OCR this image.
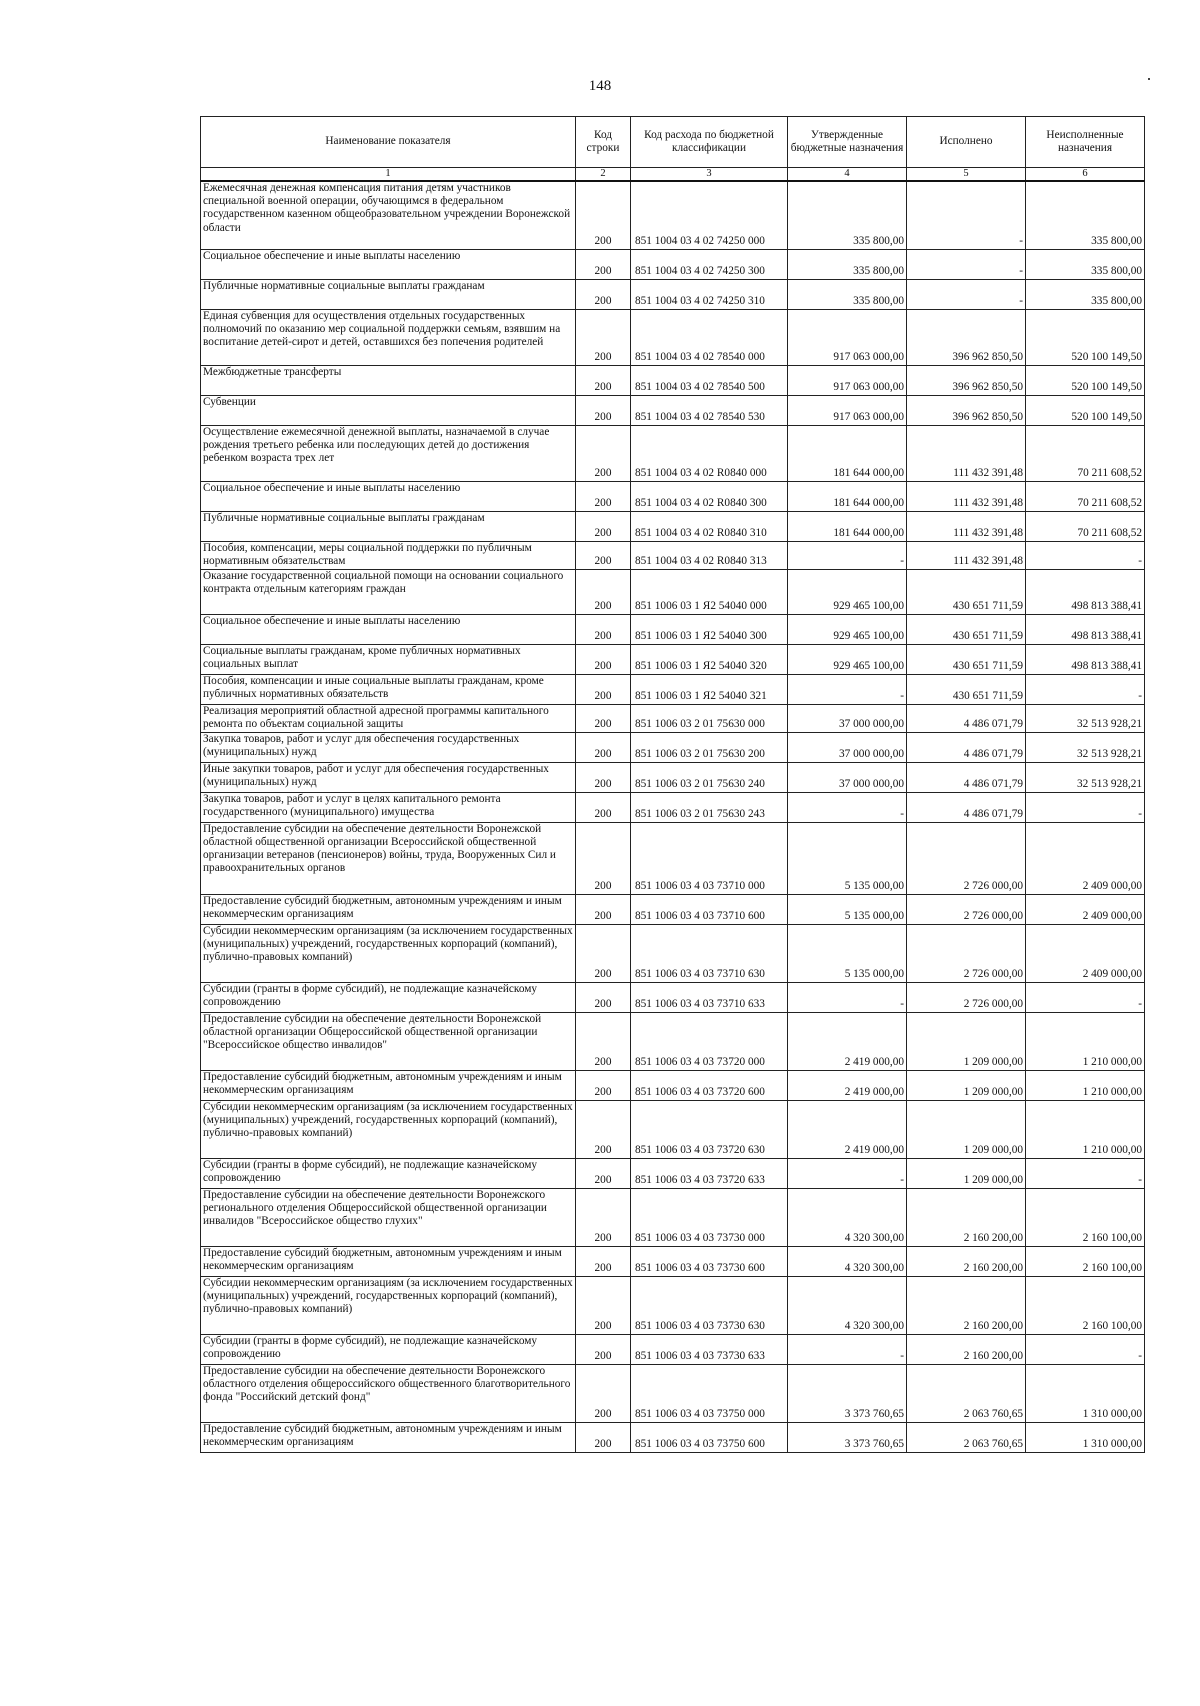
148
Наименование показателя	Код строки	Код расхода по бюджетной классификации	Утвержденные бюджетные назначения	Исполнено	Неисполненные назначения
1	2	3	4	5	6
Ежемесячная денежная компенсация питания детям участников специальной военной операции, обучающимся в федеральном государственном казенном общеобразовательном учреждении Воронежской области	200	851 1004 03 4 02 74250 000	335 800,00	-	335 800,00
Социальное обеспечение и иные выплаты населению	200	851 1004 03 4 02 74250 300	335 800,00	-	335 800,00
Публичные нормативные социальные выплаты гражданам	200	851 1004 03 4 02 74250 310	335 800,00	-	335 800,00
Единая субвенция для осуществления отдельных государственных полномочий по оказанию мер социальной поддержки семьям, взявшим на воспитание детей-сирот и детей, оставшихся без попечения родителей	200	851 1004 03 4 02 78540 000	917 063 000,00	396 962 850,50	520 100 149,50
Межбюджетные трансферты	200	851 1004 03 4 02 78540 500	917 063 000,00	396 962 850,50	520 100 149,50
Субвенции	200	851 1004 03 4 02 78540 530	917 063 000,00	396 962 850,50	520 100 149,50
Осуществление ежемесячной денежной выплаты, назначаемой в случае рождения третьего ребенка или последующих детей до достижения ребенком возраста трех лет	200	851 1004 03 4 02 R0840 000	181 644 000,00	111 432 391,48	70 211 608,52
Социальное обеспечение и иные выплаты населению	200	851 1004 03 4 02 R0840 300	181 644 000,00	111 432 391,48	70 211 608,52
Публичные нормативные социальные выплаты гражданам	200	851 1004 03 4 02 R0840 310	181 644 000,00	111 432 391,48	70 211 608,52
Пособия, компенсации, меры социальной поддержки по публичным нормативным обязательствам	200	851 1004 03 4 02 R0840 313	-	111 432 391,48	-
Оказание государственной социальной помощи на основании социального контракта отдельным категориям граждан	200	851 1006 03 1 Я2 54040 000	929 465 100,00	430 651 711,59	498 813 388,41
Социальное обеспечение и иные выплаты населению	200	851 1006 03 1 Я2 54040 300	929 465 100,00	430 651 711,59	498 813 388,41
Социальные выплаты гражданам, кроме публичных нормативных социальных выплат	200	851 1006 03 1 Я2 54040 320	929 465 100,00	430 651 711,59	498 813 388,41
Пособия, компенсации и иные социальные выплаты гражданам, кроме публичных нормативных обязательств	200	851 1006 03 1 Я2 54040 321	-	430 651 711,59	-
Реализация мероприятий областной адресной программы капитального ремонта по объектам социальной защиты	200	851 1006 03 2 01 75630 000	37 000 000,00	4 486 071,79	32 513 928,21
Закупка товаров, работ и услуг для обеспечения государственных (муниципальных) нужд	200	851 1006 03 2 01 75630 200	37 000 000,00	4 486 071,79	32 513 928,21
Иные закупки товаров, работ и услуг для обеспечения государственных (муниципальных) нужд	200	851 1006 03 2 01 75630 240	37 000 000,00	4 486 071,79	32 513 928,21
Закупка товаров, работ и услуг в целях капитального ремонта государственного (муниципального) имущества	200	851 1006 03 2 01 75630 243	-	4 486 071,79	-
Предоставление субсидии на обеспечение деятельности Воронежской областной общественной организации Всероссийской общественной организации ветеранов (пенсионеров) войны, труда, Вооруженных Сил и правоохранительных органов	200	851 1006 03 4 03 73710 000	5 135 000,00	2 726 000,00	2 409 000,00
Предоставление субсидий бюджетным, автономным учреждениям и иным некоммерческим организациям	200	851 1006 03 4 03 73710 600	5 135 000,00	2 726 000,00	2 409 000,00
Субсидии некоммерческим организациям (за исключением государственных (муниципальных) учреждений, государственных корпораций (компаний), публично-правовых компаний)	200	851 1006 03 4 03 73710 630	5 135 000,00	2 726 000,00	2 409 000,00
Субсидии (гранты в форме субсидий), не подлежащие казначейскому сопровождению	200	851 1006 03 4 03 73710 633	-	2 726 000,00	-
Предоставление субсидии на обеспечение деятельности Воронежской областной организации Общероссийской общественной организации "Всероссийское общество инвалидов"	200	851 1006 03 4 03 73720 000	2 419 000,00	1 209 000,00	1 210 000,00
Предоставление субсидий бюджетным, автономным учреждениям и иным некоммерческим организациям	200	851 1006 03 4 03 73720 600	2 419 000,00	1 209 000,00	1 210 000,00
Субсидии некоммерческим организациям (за исключением государственных (муниципальных) учреждений, государственных корпораций (компаний), публично-правовых компаний)	200	851 1006 03 4 03 73720 630	2 419 000,00	1 209 000,00	1 210 000,00
Субсидии (гранты в форме субсидий), не подлежащие казначейскому сопровождению	200	851 1006 03 4 03 73720 633	-	1 209 000,00	-
Предоставление субсидии на обеспечение деятельности Воронежского регионального отделения Общероссийской общественной организации инвалидов "Всероссийское общество глухих"	200	851 1006 03 4 03 73730 000	4 320 300,00	2 160 200,00	2 160 100,00
Предоставление субсидий бюджетным, автономным учреждениям и иным некоммерческим организациям	200	851 1006 03 4 03 73730 600	4 320 300,00	2 160 200,00	2 160 100,00
Субсидии некоммерческим организациям (за исключением государственных (муниципальных) учреждений, государственных корпораций (компаний), публично-правовых компаний)	200	851 1006 03 4 03 73730 630	4 320 300,00	2 160 200,00	2 160 100,00
Субсидии (гранты в форме субсидий), не подлежащие казначейскому сопровождению	200	851 1006 03 4 03 73730 633	-	2 160 200,00	-
Предоставление субсидии на обеспечение деятельности Воронежского областного отделения общероссийского общественного благотворительного фонда "Российский детский фонд"	200	851 1006 03 4 03 73750 000	3 373 760,65	2 063 760,65	1 310 000,00
Предоставление субсидий бюджетным, автономным учреждениям и иным некоммерческим организациям	200	851 1006 03 4 03 73750 600	3 373 760,65	2 063 760,65	1 310 000,00
